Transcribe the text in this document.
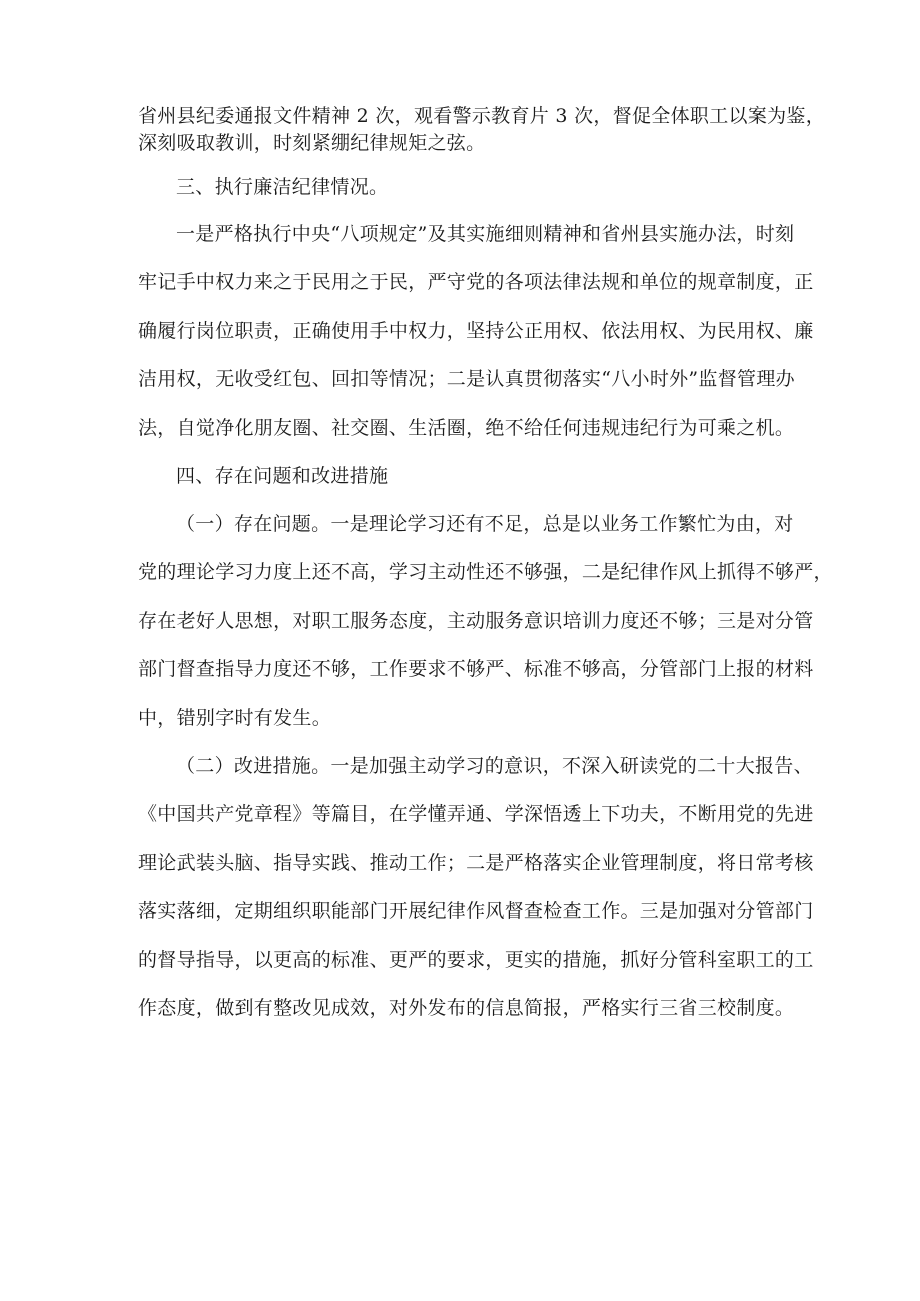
省州县纪委通报文件精神 2 次，观看警示教育片 3 次，督促全体职工以案为鉴，
深刻吸取教训，时刻紧绷纪律规矩之弦。
三、执行廉洁纪律情况。
一是严格执行中央“八项规定”及其实施细则精神和省州县实施办法，时刻
牢记手中权力来之于民用之于民，严守党的各项法律法规和单位的规章制度，正
确履行岗位职责，正确使用手中权力，坚持公正用权、依法用权、为民用权、廉
洁用权，无收受红包、回扣等情况；二是认真贯彻落实“八小时外”监督管理办
法，自觉净化朋友圈、社交圈、生活圈，绝不给任何违规违纪行为可乘之机。
四、存在问题和改进措施
（一）存在问题。一是理论学习还有不足，总是以业务工作繁忙为由，对
党的理论学习力度上还不高，学习主动性还不够强，二是纪律作风上抓得不够严，
存在老好人思想，对职工服务态度，主动服务意识培训力度还不够；三是对分管
部门督查指导力度还不够，工作要求不够严、标准不够高，分管部门上报的材料
中，错别字时有发生。
（二）改进措施。一是加强主动学习的意识，不深入研读党的二十大报告、
《中国共产党章程》等篇目，在学懂弄通、学深悟透上下功夫，不断用党的先进
理论武装头脑、指导实践、推动工作；二是严格落实企业管理制度，将日常考核
落实落细，定期组织职能部门开展纪律作风督查检查工作。三是加强对分管部门
的督导指导，以更高的标准、更严的要求，更实的措施，抓好分管科室职工的工
作态度，做到有整改见成效，对外发布的信息简报，严格实行三省三校制度。
